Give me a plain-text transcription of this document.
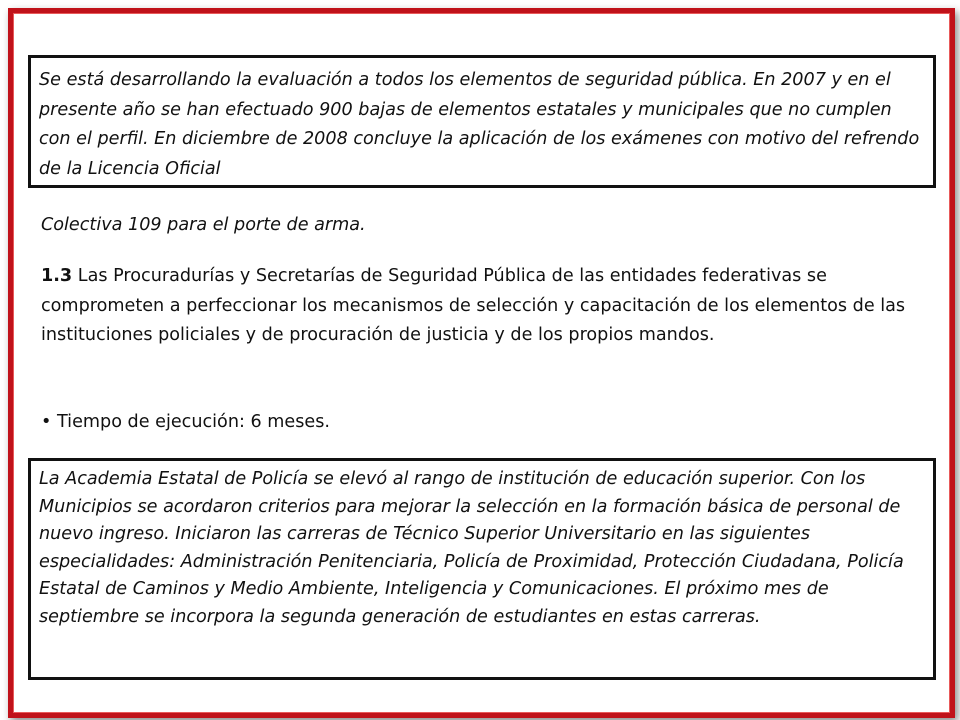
Se está desarrollando la evaluación a todos los elementos de seguridad pública. En 2007 y en el presente año se han efectuado 900 bajas de elementos estatales y municipales que no cumplen con el perfil. En diciembre de 2008 concluye la aplicación de los exámenes con motivo del refrendo de la Licencia Oficial

Colectiva 109 para el porte de arma.

1.3 Las Procuradurías y Secretarías de Seguridad Pública de las entidades federativas se comprometen a perfeccionar los mecanismos de selección y capacitación de los elementos de las instituciones policiales y de procuración de justicia y de los propios mandos.

• Tiempo de ejecución: 6 meses.

La Academia Estatal de Policía se elevó al rango de institución de educación superior. Con los Municipios se acordaron criterios para mejorar la selección en la formación básica de personal de nuevo ingreso. Iniciaron las carreras de Técnico Superior Universitario en las siguientes especialidades: Administración Penitenciaria, Policía de Proximidad, Protección Ciudadana, Policía Estatal de Caminos y Medio Ambiente, Inteligencia y Comunicaciones. El próximo mes de septiembre se incorpora la segunda generación de estudiantes en estas carreras.
